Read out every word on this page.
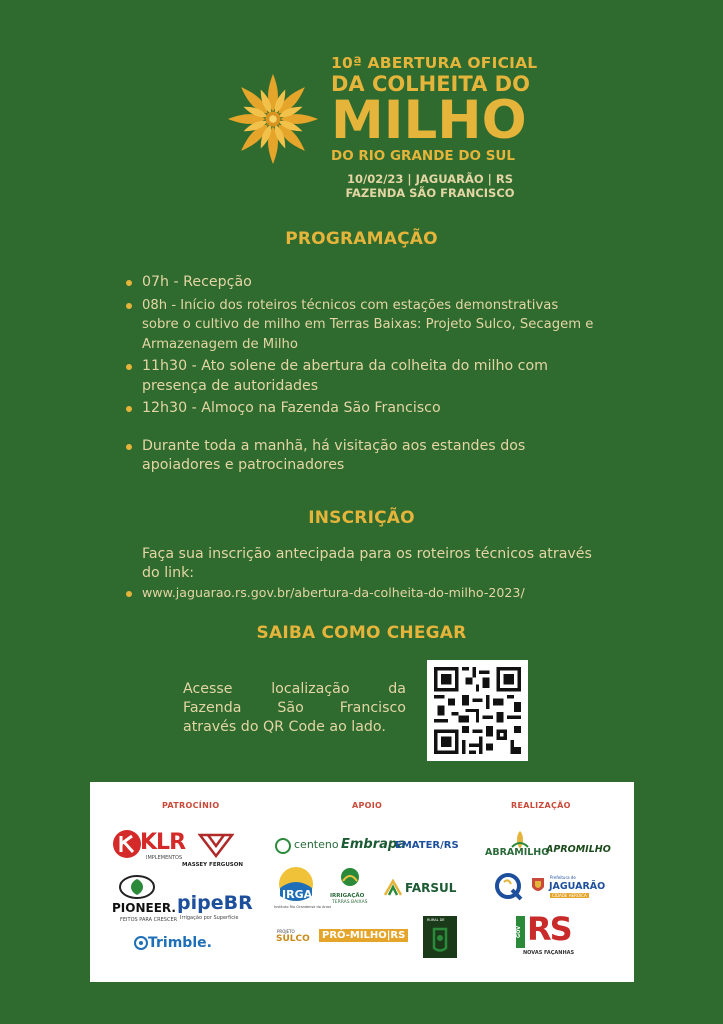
10ª ABERTURA OFICIAL
DA COLHEITA DO
MILHO
DO RIO GRANDE DO SUL
10/02/23 | JAGUARÃO | RS
FAZENDA SÃO FRANCISCO
PROGRAMAÇÃO
07h - Recepção
08h - Início dos roteiros técnicos com estações demonstrativas sobre o cultivo de milho em Terras Baixas: Projeto Sulco, Secagem e Armazenagem de Milho
11h30 - Ato solene de abertura da colheita do milho com presença de autoridades
12h30 - Almoço na Fazenda São Francisco
Durante toda a manhã, há visitação aos estandes dos apoiadores e patrocinadores
INSCRIÇÃO
Faça sua inscrição antecipada para os roteiros técnicos através do link:
www.jaguarao.rs.gov.br/abertura-da-colheita-do-milho-2023/
SAIBA COMO CHEGAR
Acesse localização da
Fazenda São Francisco
através do QR Code ao lado.
PATROCÍNIO	APOIO	REALIZAÇÃO
KLR
IMPLEMENTOS
MASSEY FERGUSON
PIONEER.
FEITOS PARA CRESCER
pipeBR
Irrigação por Superfície
Trimble.
centeno Embrapa
EMATER/RS
IRGA
Instituto Rio Grandense do Arroz
IRRIGAÇÃO
TERRAS BAIXAS
FARSUL
PROJETO
SULCO	PRÓ-MILHO|RS
RURAL DE
ABRAMILHO
APROMILHO
Prefeitura de
JAGUARÃO
CIDADE HEROICA
GOV RS
NOVAS FAÇANHAS
